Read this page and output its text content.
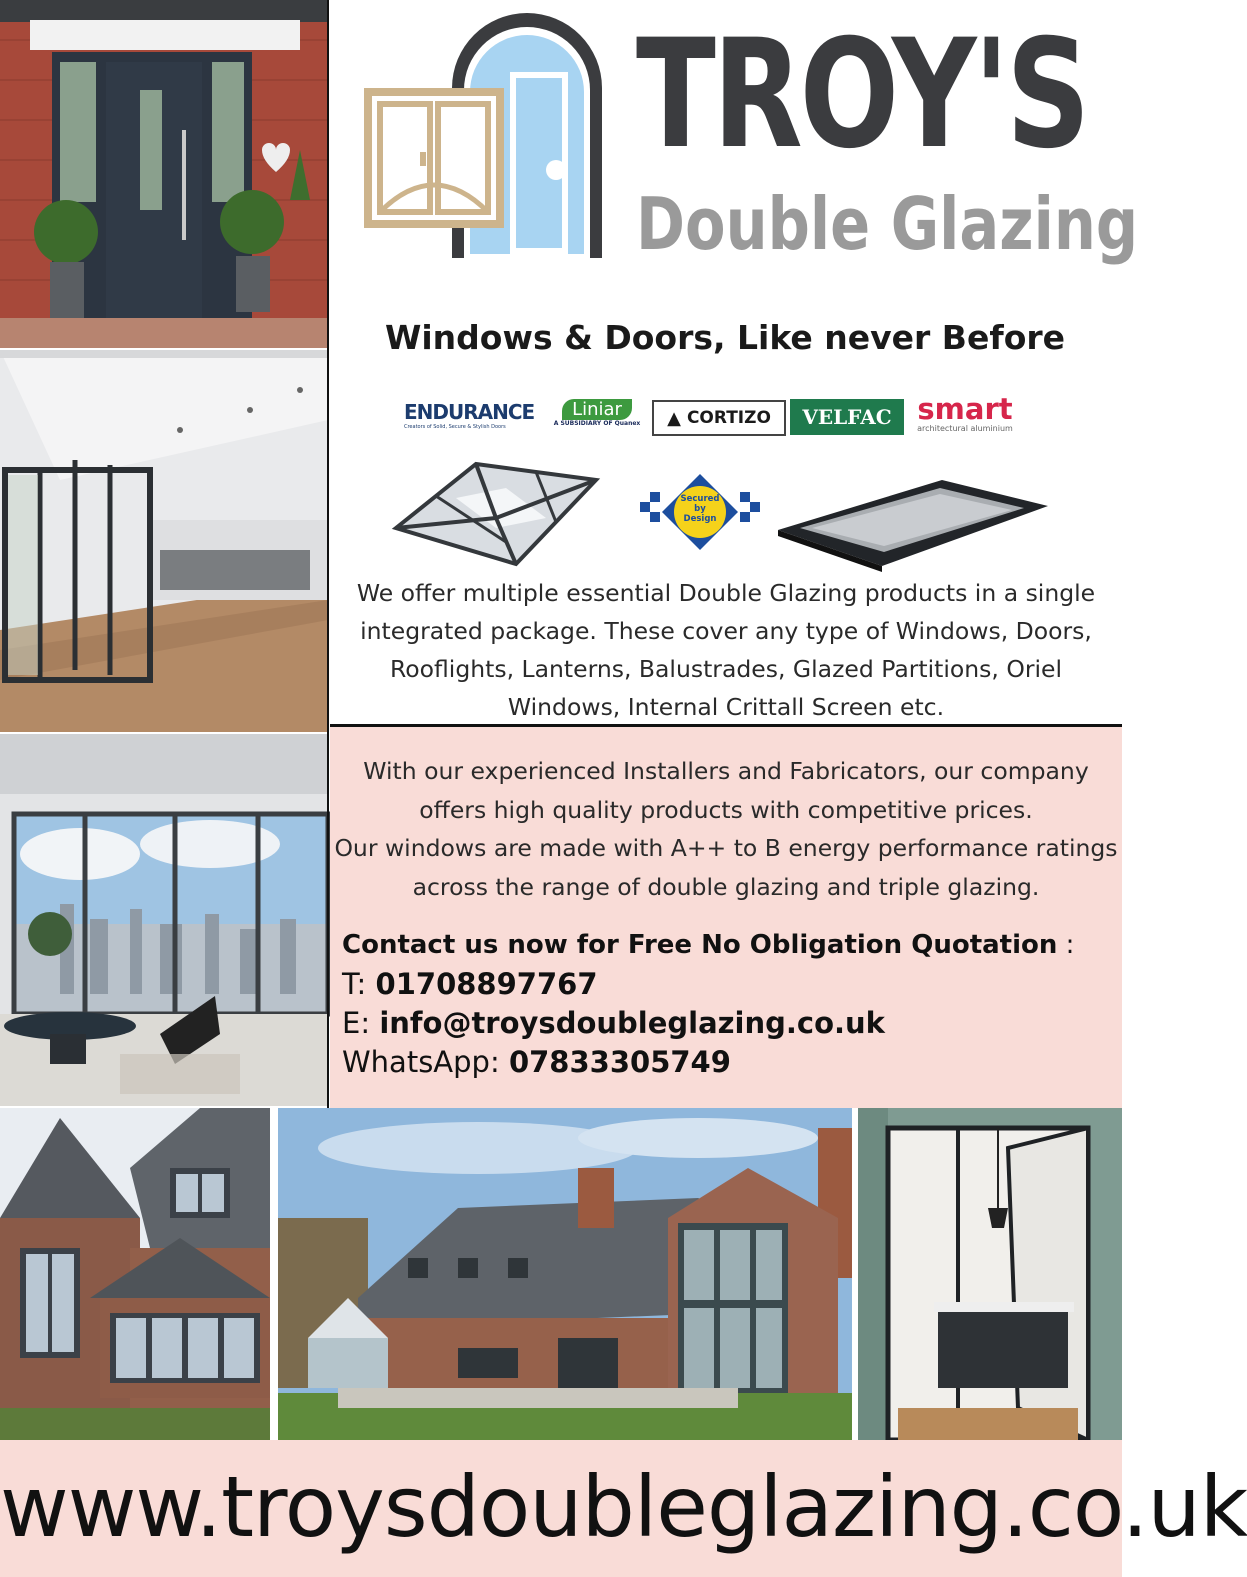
TROY'S
Double Glazing
Windows & Doors, Like never Before
ENDURANCE
Creators of Solid, Secure & Stylish Doors
Liniar
A SUBSIDIARY OF Quanex ▲ CORTIZO VELFAC smart
architectural aluminium
Secured by Design
We offer multiple essential Double Glazing products in a single integrated package. These cover any type of Windows, Doors, Rooflights, Lanterns, Balustrades, Glazed Partitions, Oriel Windows, Internal Crittall Screen etc.
With our experienced Installers and Fabricators, our company offers high quality products with competitive prices.
Our windows are made with A++ to B energy performance ratings across the range of double glazing and triple glazing.
Contact us now for Free No Obligation Quotation :
T: 01708897767
E: info@troysdoubleglazing.co.uk
WhatsApp: 07833305749
www.troysdoubleglazing.co.uk
